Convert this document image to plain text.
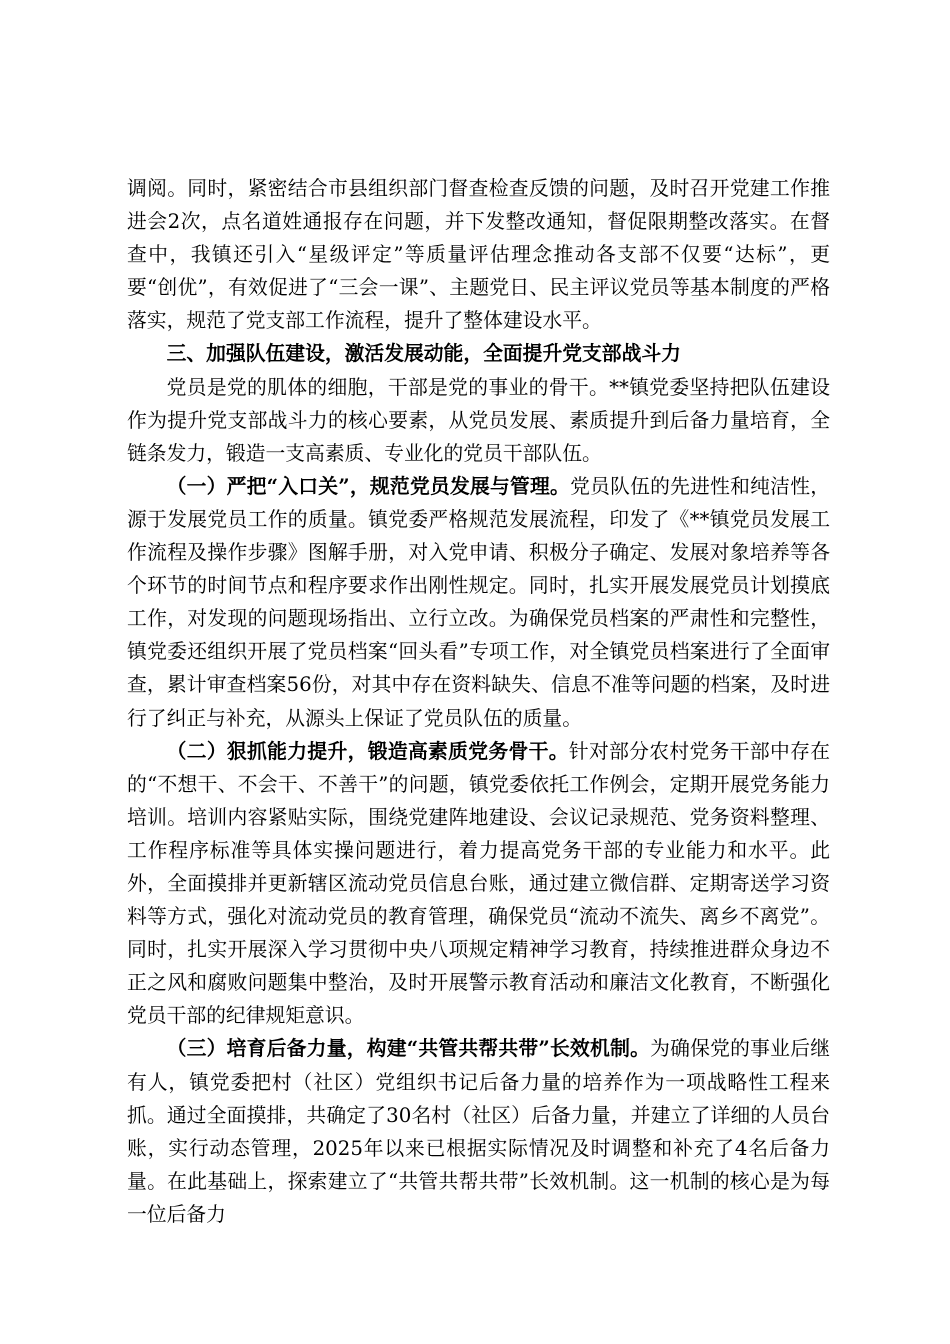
调阅。同时，紧密结合市县组织部门督查检查反馈的问题，及时召开党建工作推进会2次，点名道姓通报存在问题，并下发整改通知，督促限期整改落实。在督查中，我镇还引入“星级评定”等质量评估理念推动各支部不仅要“达标”，更要“创优”，有效促进了“三会一课”、主题党日、民主评议党员等基本制度的严格落实，规范了党支部工作流程，提升了整体建设水平。

三、加强队伍建设，激活发展动能，全面提升党支部战斗力

党员是党的肌体的细胞，干部是党的事业的骨干。**镇党委坚持把队伍建设作为提升党支部战斗力的核心要素，从党员发展、素质提升到后备力量培育，全链条发力，锻造一支高素质、专业化的党员干部队伍。

（一）严把“入口关”，规范党员发展与管理。党员队伍的先进性和纯洁性，源于发展党员工作的质量。镇党委严格规范发展流程，印发了《**镇党员发展工作流程及操作步骤》图解手册，对入党申请、积极分子确定、发展对象培养等各个环节的时间节点和程序要求作出刚性规定。同时，扎实开展发展党员计划摸底工作，对发现的问题现场指出、立行立改。为确保党员档案的严肃性和完整性，镇党委还组织开展了党员档案“回头看”专项工作，对全镇党员档案进行了全面审查，累计审查档案56份，对其中存在资料缺失、信息不准等问题的档案，及时进行了纠正与补充，从源头上保证了党员队伍的质量。

（二）狠抓能力提升，锻造高素质党务骨干。针对部分农村党务干部中存在的“不想干、不会干、不善干”的问题，镇党委依托工作例会，定期开展党务能力培训。培训内容紧贴实际，围绕党建阵地建设、会议记录规范、党务资料整理、工作程序标准等具体实操问题进行，着力提高党务干部的专业能力和水平。此外，全面摸排并更新辖区流动党员信息台账，通过建立微信群、定期寄送学习资料等方式，强化对流动党员的教育管理，确保党员“流动不流失、离乡不离党”。同时，扎实开展深入学习贯彻中央八项规定精神学习教育，持续推进群众身边不正之风和腐败问题集中整治，及时开展警示教育活动和廉洁文化教育，不断强化党员干部的纪律规矩意识。

（三）培育后备力量，构建“共管共帮共带”长效机制。为确保党的事业后继有人，镇党委把村（社区）党组织书记后备力量的培养作为一项战略性工程来抓。通过全面摸排，共确定了30名村（社区）后备力量，并建立了详细的人员台账，实行动态管理，2025年以来已根据实际情况及时调整和补充了4名后备力量。在此基础上，探索建立了“共管共帮共带”长效机制。这一机制的核心是为每一位后备力
